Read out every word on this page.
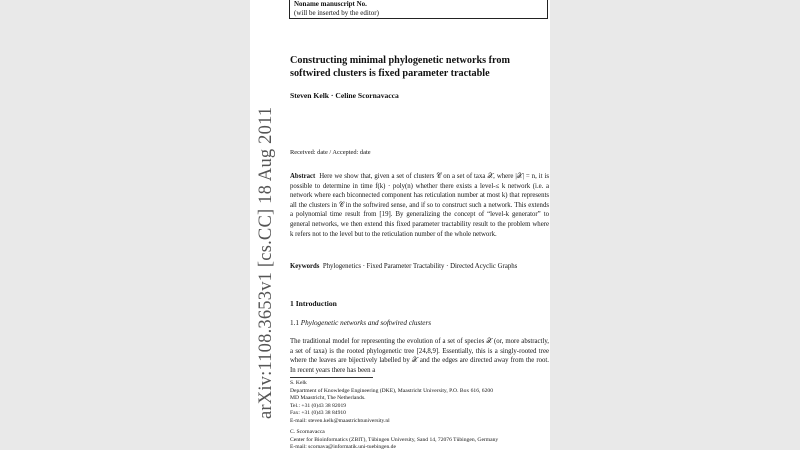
arXiv:1108.3653v1 [cs.CC] 18 Aug 2011
Noname manuscript No.
(will be inserted by the editor)
Constructing minimal phylogenetic networks from softwired clusters is fixed parameter tractable
Steven Kelk · Celine Scornavacca
Received: date / Accepted: date
Abstract Here we show that, given a set of clusters 𝒞 on a set of taxa 𝒳, where |𝒳| = n, it is possible to determine in time f(k) · poly(n) whether there exists a level-≤ k network (i.e. a network where each biconnected component has reticulation number at most k) that represents all the clusters in 𝒞 in the softwired sense, and if so to construct such a network. This extends a polynomial time result from [19]. By generalizing the concept of “level-k generator” to general networks, we then extend this fixed parameter tractability result to the problem where k refers not to the level but to the reticulation number of the whole network.
Keywords Phylogenetics · Fixed Parameter Tractability · Directed Acyclic Graphs
1 Introduction
1.1 Phylogenetic networks and softwired clusters
The traditional model for representing the evolution of a set of species 𝒳 (or, more abstractly, a set of taxa) is the rooted phylogenetic tree [24,8,9]. Essentially, this is a singly-rooted tree where the leaves are bijectively labelled by 𝒳 and the edges are directed away from the root. In recent years there has been a
S. Kelk
Department of Knowledge Engineering (DKE), Maastricht University, P.O. Box 616, 6200
MD Maastricht, The Netherlands.
Tel.: +31 (0)43 38 82019
Fax: +31 (0)43 38 84910
E-mail: steven.kelk@maastrichtuniversity.nl
C. Scornavacca
Center for Bioinformatics (ZBIT), Tübingen University, Sand 14, 72076 Tübingen, Germany
E-mail: scornava@informatik.uni-tuebingen.de
